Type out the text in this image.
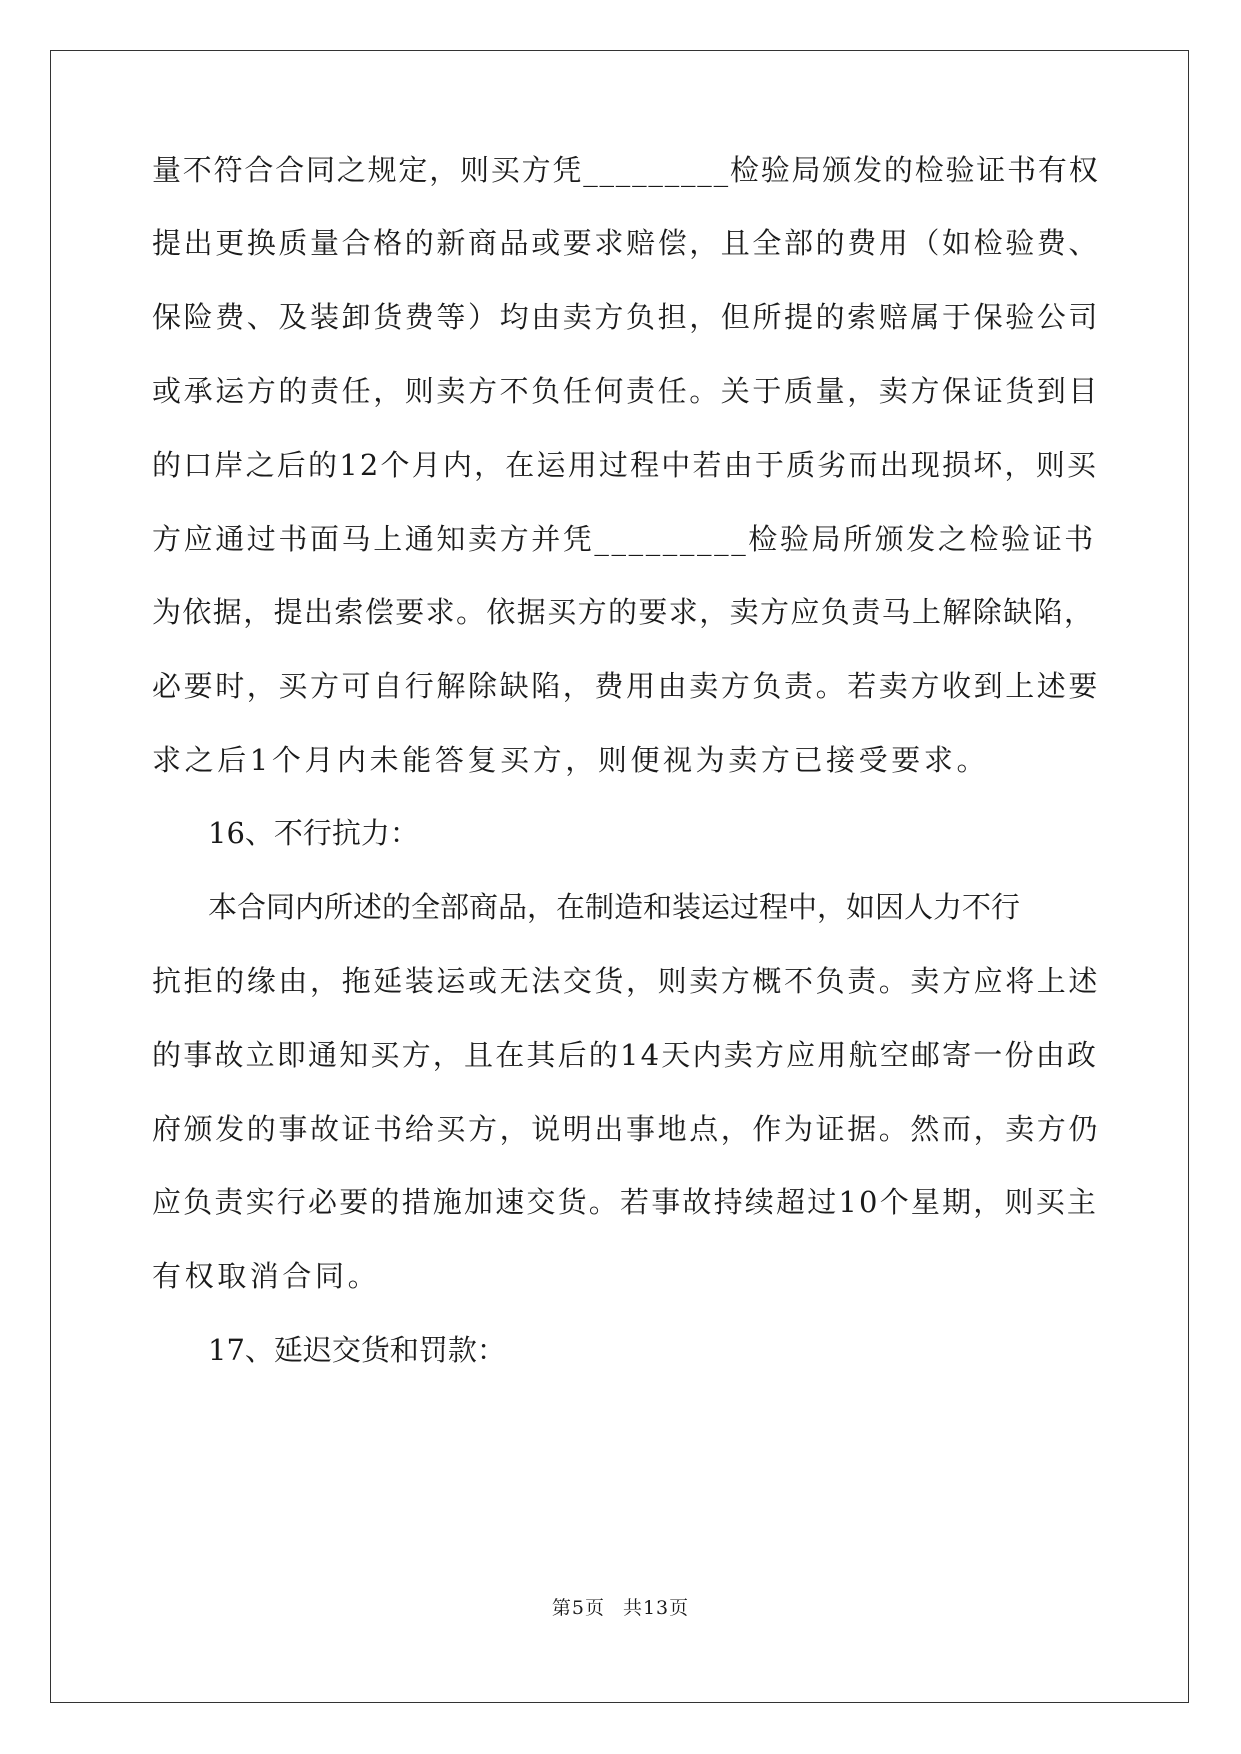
量不符合合同之规定，则买方凭_________检验局颁发的检验证书有权
提出更换质量合格的新商品或要求赔偿，且全部的费用（如检验费、
保险费、及装卸货费等）均由卖方负担，但所提的索赔属于保验公司
或承运方的责任，则卖方不负任何责任。关于质量，卖方保证货到目
的口岸之后的12个月内，在运用过程中若由于质劣而出现损坏，则买
方应通过书面马上通知卖方并凭_________检验局所颁发之检验证书
为依据，提出索偿要求。依据买方的要求，卖方应负责马上解除缺陷，
必要时，买方可自行解除缺陷，费用由卖方负责。若卖方收到上述要
求之后1个月内未能答复买方，则便视为卖方已接受要求。
16、不行抗力：
本合同内所述的全部商品，在制造和装运过程中，如因人力不行
抗拒的缘由，拖延装运或无法交货，则卖方概不负责。卖方应将上述
的事故立即通知买方，且在其后的14天内卖方应用航空邮寄一份由政
府颁发的事故证书给买方，说明出事地点，作为证据。然而，卖方仍
应负责实行必要的措施加速交货。若事故持续超过10个星期，则买主
有权取消合同。
17、延迟交货和罚款：
第5页 共13页
